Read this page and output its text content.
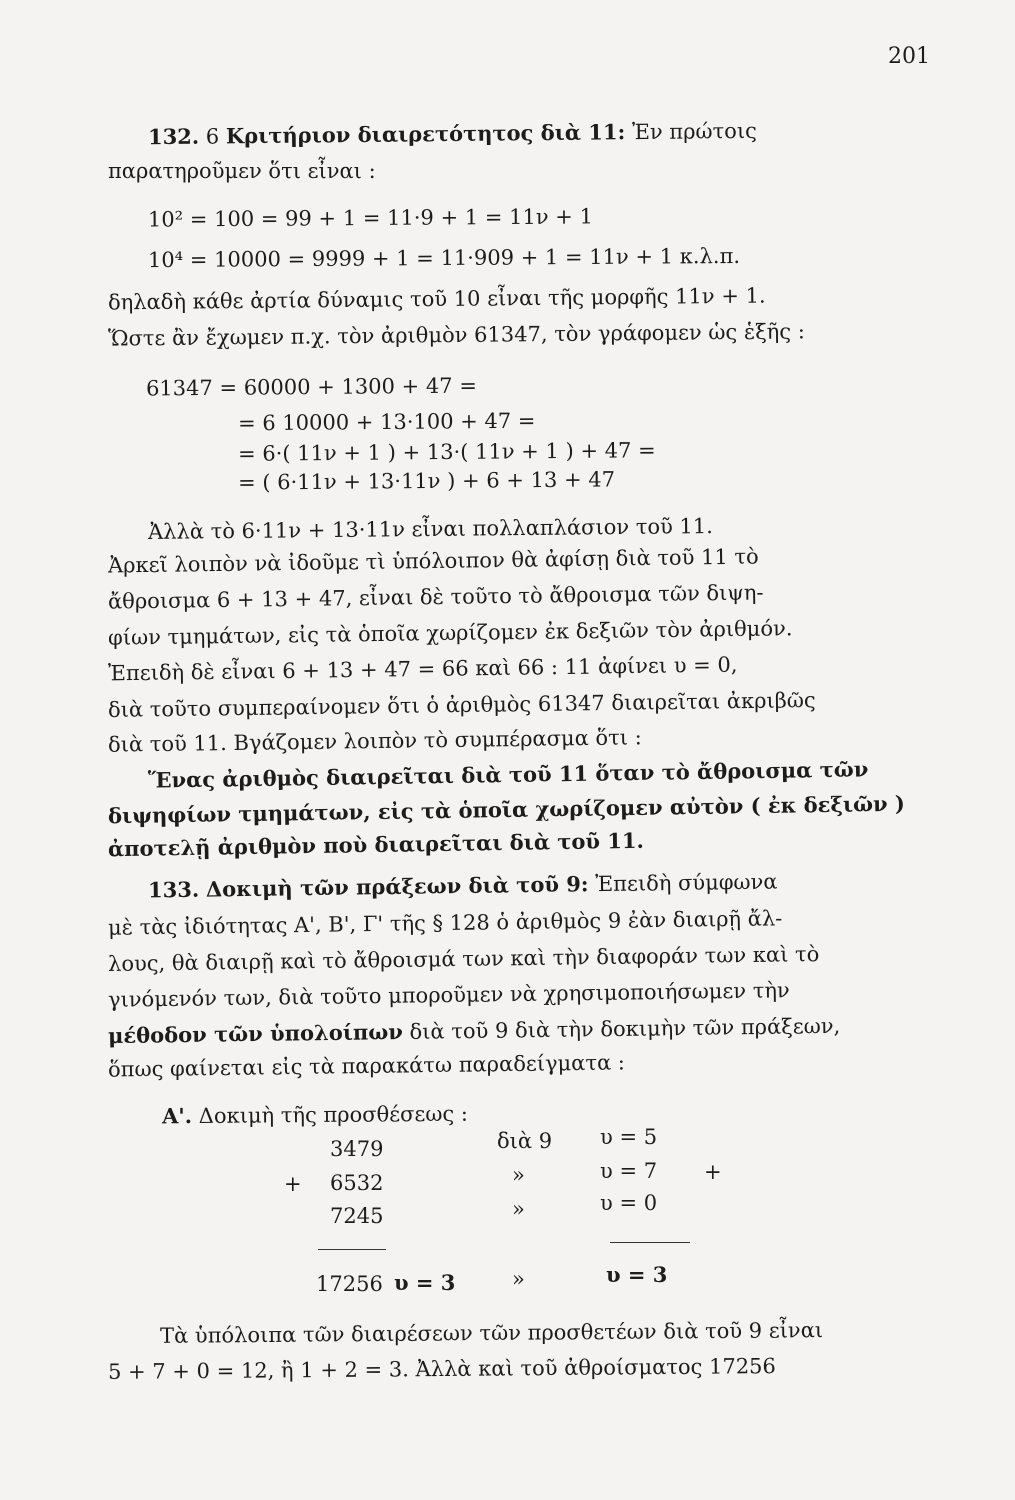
201
132. 6 Κριτήριον διαιρετότητος διὰ 11: Ἐν πρώτοις
παρατηροῦμεν ὅτι εἶναι :
10² = 100 = 99 + 1 = 11·9 + 1 = 11ν + 1
10⁴ = 10000 = 9999 + 1 = 11·909 + 1 = 11ν + 1 κ.λ.π.
δηλαδὴ κάθε ἀρτία δύναμις τοῦ 10 εἶναι τῆς μορφῆς 11ν + 1.
Ὥστε ἂν ἔχωμεν π.χ. τὸν ἀριθμὸν 61347, τὸν γράφομεν ὡς ἑξῆς :
61347 = 60000 + 1300 + 47 =
= 6 10000 + 13·100 + 47 =
= 6·( 11ν + 1 ) + 13·( 11ν + 1 ) + 47 =
= ( 6·11ν + 13·11ν ) + 6 + 13 + 47
Ἀλλὰ τὸ 6·11ν + 13·11ν εἶναι πολλαπλάσιον τοῦ 11.
Ἀρκεῖ λοιπὸν νὰ ἰδοῦμε τὶ ὑπόλοιπον θὰ ἀφίσῃ διὰ τοῦ 11 τὸ
ἄθροισμα 6 + 13 + 47, εἶναι δὲ τοῦτο τὸ ἄθροισμα τῶν διψη-
φίων τμημάτων, εἰς τὰ ὁποῖα χωρίζομεν ἐκ δεξιῶν τὸν ἀριθμόν.
Ἐπειδὴ δὲ εἶναι 6 + 13 + 47 = 66 καὶ 66 : 11 ἀφίνει υ = 0,
διὰ τοῦτο συμπεραίνομεν ὅτι ὁ ἀριθμὸς 61347 διαιρεῖται ἀκριβῶς
διὰ τοῦ 11. Βγάζομεν λοιπὸν τὸ συμπέρασμα ὅτι :
Ἕνας ἀριθμὸς διαιρεῖται διὰ τοῦ 11 ὅταν τὸ ἄθροισμα τῶν
διψηφίων τμημάτων, εἰς τὰ ὁποῖα χωρίζομεν αὐτὸν ( ἐκ δεξιῶν )
ἀποτελῇ ἀριθμὸν ποὺ διαιρεῖται διὰ τοῦ 11.
133. Δοκιμὴ τῶν πράξεων διὰ τοῦ 9: Ἐπειδὴ σύμφωνα
μὲ τὰς ἰδιότητας Α', Β', Γ' τῆς § 128 ὁ ἀριθμὸς 9 ἐὰν διαιρῇ ἄλ-
λους, θὰ διαιρῇ καὶ τὸ ἄθροισμά των καὶ τὴν διαφοράν των καὶ τὸ
γινόμενόν των, διὰ τοῦτο μποροῦμεν νὰ χρησιμοποιήσωμεν τὴν
μέθοδον τῶν ὑπολοίπων διὰ τοῦ 9 διὰ τὴν δοκιμὴν τῶν πράξεων,
ὅπως φαίνεται εἰς τὰ παρακάτω παραδείγματα :
Α'. Δοκιμὴ τῆς προσθέσεως :
3479	διὰ 9 υ = 5
+ 6532	»	υ = 7 +
7245	»	υ = 0
17256 υ = 3	»	υ = 3
Τὰ ὑπόλοιπα τῶν διαιρέσεων τῶν προσθετέων διὰ τοῦ 9 εἶναι
5 + 7 + 0 = 12, ἢ 1 + 2 = 3. Ἀλλὰ καὶ τοῦ ἀθροίσματος 17256
